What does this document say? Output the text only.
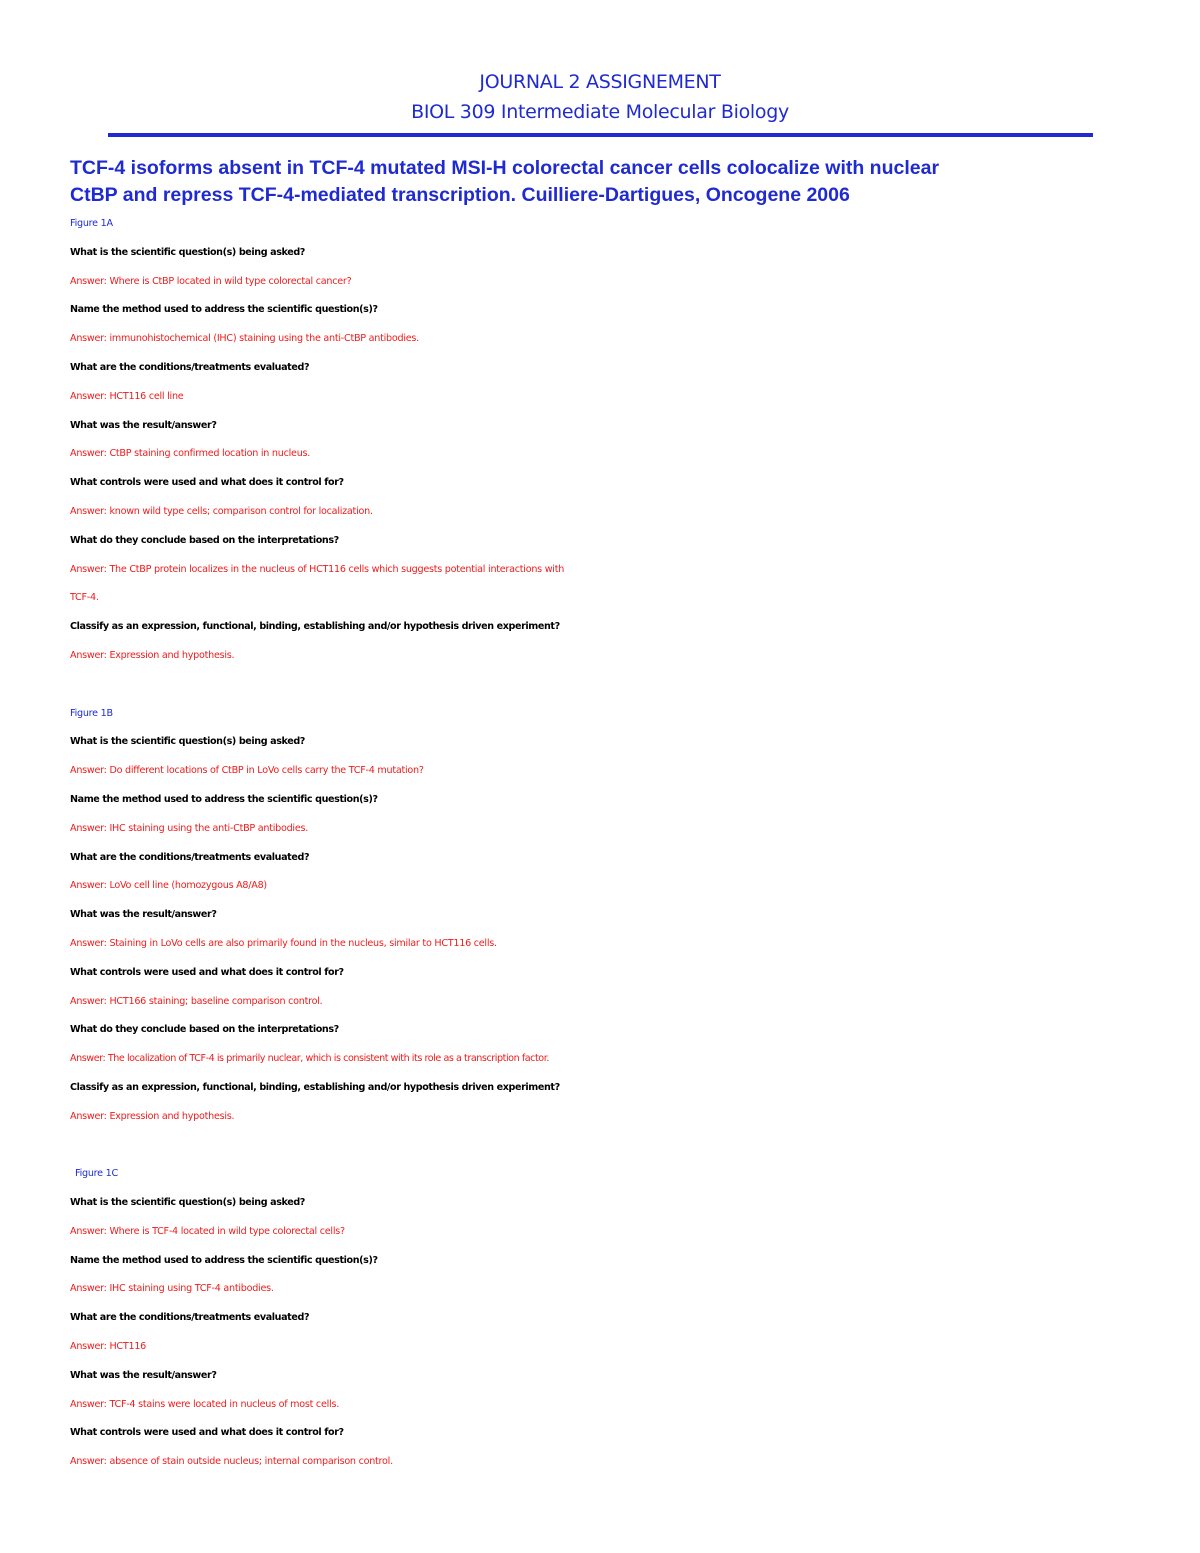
JOURNAL 2 ASSIGNEMENT
BIOL 309 Intermediate Molecular Biology
TCF-4 isoforms absent in TCF-4 mutated MSI-H colorectal cancer cells colocalize with nuclear
CtBP and repress TCF-4-mediated transcription. Cuilliere-Dartigues, Oncogene 2006
Figure 1A
What is the scientific question(s) being asked?
Answer: Where is CtBP located in wild type colorectal cancer?
Name the method used to address the scientific question(s)?
Answer: immunohistochemical (IHC) staining using the anti-CtBP antibodies.
What are the conditions/treatments evaluated?
Answer: HCT116 cell line
What was the result/answer?
Answer: CtBP staining confirmed location in nucleus.
What controls were used and what does it control for?
Answer: known wild type cells; comparison control for localization.
What do they conclude based on the interpretations?
Answer: The CtBP protein localizes in the nucleus of HCT116 cells which suggests potential interactions with
TCF-4.
Classify as an expression, functional, binding, establishing and/or hypothesis driven experiment?
Answer: Expression and hypothesis.
Figure 1B
What is the scientific question(s) being asked?
Answer: Do different locations of CtBP in LoVo cells carry the TCF-4 mutation?
Name the method used to address the scientific question(s)?
Answer: IHC staining using the anti-CtBP antibodies.
What are the conditions/treatments evaluated?
Answer: LoVo cell line (homozygous A8/A8)
What was the result/answer?
Answer: Staining in LoVo cells are also primarily found in the nucleus, similar to HCT116 cells.
What controls were used and what does it control for?
Answer: HCT166 staining; baseline comparison control.
What do they conclude based on the interpretations?
Answer: The localization of TCF-4 is primarily nuclear, which is consistent with its role as a transcription factor.
Classify as an expression, functional, binding, establishing and/or hypothesis driven experiment?
Answer: Expression and hypothesis.
Figure 1C
What is the scientific question(s) being asked?
Answer: Where is TCF-4 located in wild type colorectal cells?
Name the method used to address the scientific question(s)?
Answer: IHC staining using TCF-4 antibodies.
What are the conditions/treatments evaluated?
Answer: HCT116
What was the result/answer?
Answer: TCF-4 stains were located in nucleus of most cells.
What controls were used and what does it control for?
Answer: absence of stain outside nucleus; internal comparison control.
